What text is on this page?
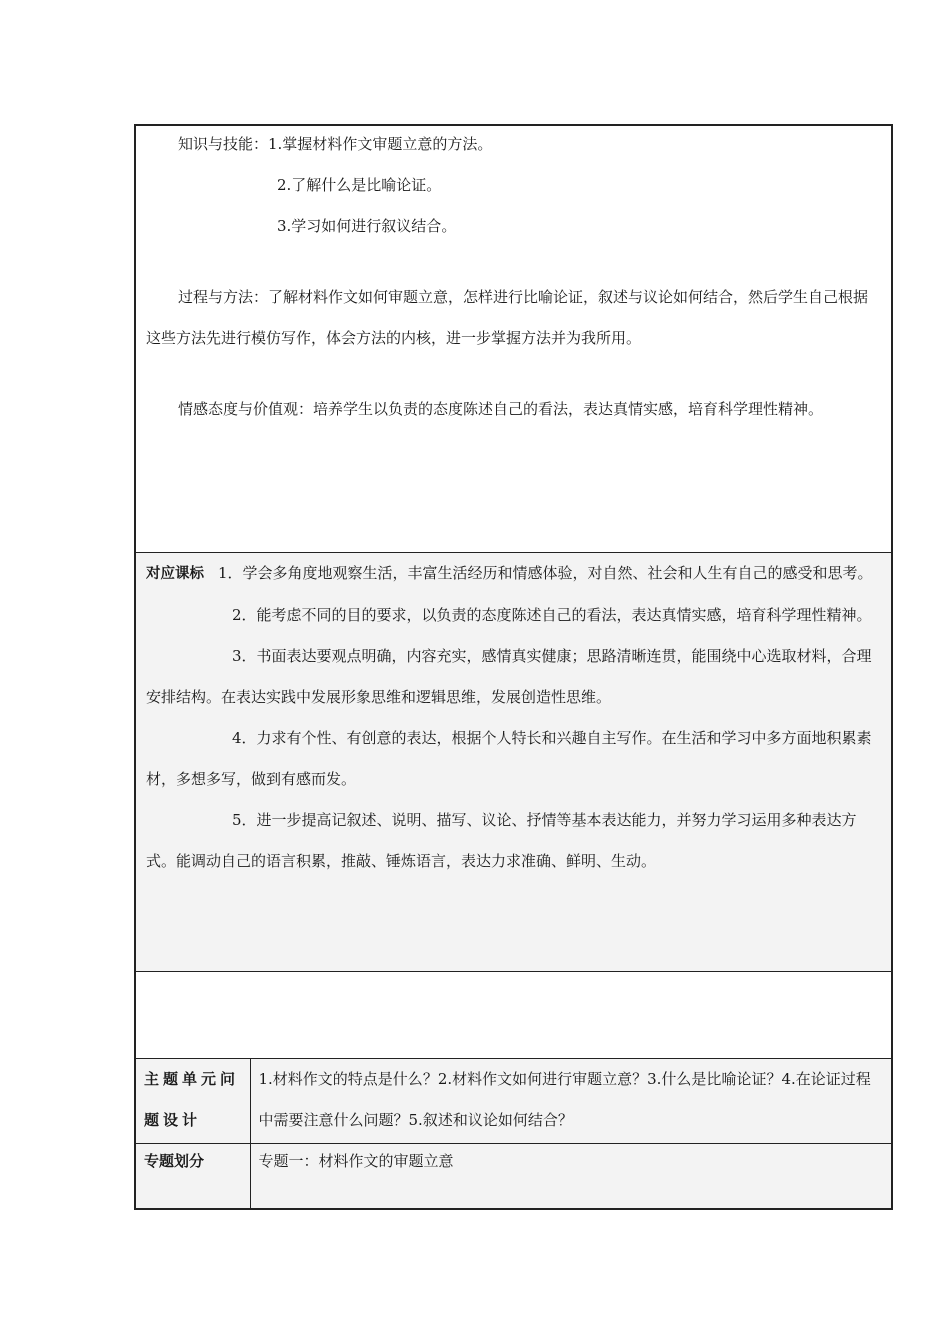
知识与技能：1.掌握材料作文审题立意的方法。

2.了解什么是比喻论证。

3.学习如何进行叙议结合。

过程与方法：了解材料作文如何审题立意，怎样进行比喻论证，叙述与议论如何结合，然后学生自己根据这些方法先进行模仿写作，体会方法的内核，进一步掌握方法并为我所用。

情感态度与价值观：培养学生以负责的态度陈述自己的看法，表达真情实感，培育科学理性精神。	

对应课标 1．学会多角度地观察生活，丰富生活经历和情感体验，对自然、社会和人生有自己的感受和思考。

2．能考虑不同的目的要求，以负责的态度陈述自己的看法，表达真情实感，培育科学理性精神。

3．书面表达要观点明确，内容充实，感情真实健康；思路清晰连贯，能围绕中心选取材料，合理安排结构。在表达实践中发展形象思维和逻辑思维，发展创造性思维。

4．力求有个性、有创意的表达，根据个人特长和兴趣自主写作。在生活和学习中多方面地积累素材，多想多写，做到有感而发。

5．进一步提高记叙述、说明、描写、议论、抒情等基本表达能力，并努力学习运用多种表达方式。能调动自己的语言积累，推敲、锤炼语言，表达力求准确、鲜明、生动。	

主题单元问题设计	1.材料作文的特点是什么？2.材料作文如何进行审题立意？3.什么是比喻论证？4.在论证过程中需要注意什么问题？5.叙述和议论如何结合？
专题划分	专题一：材料作文的审题立意
